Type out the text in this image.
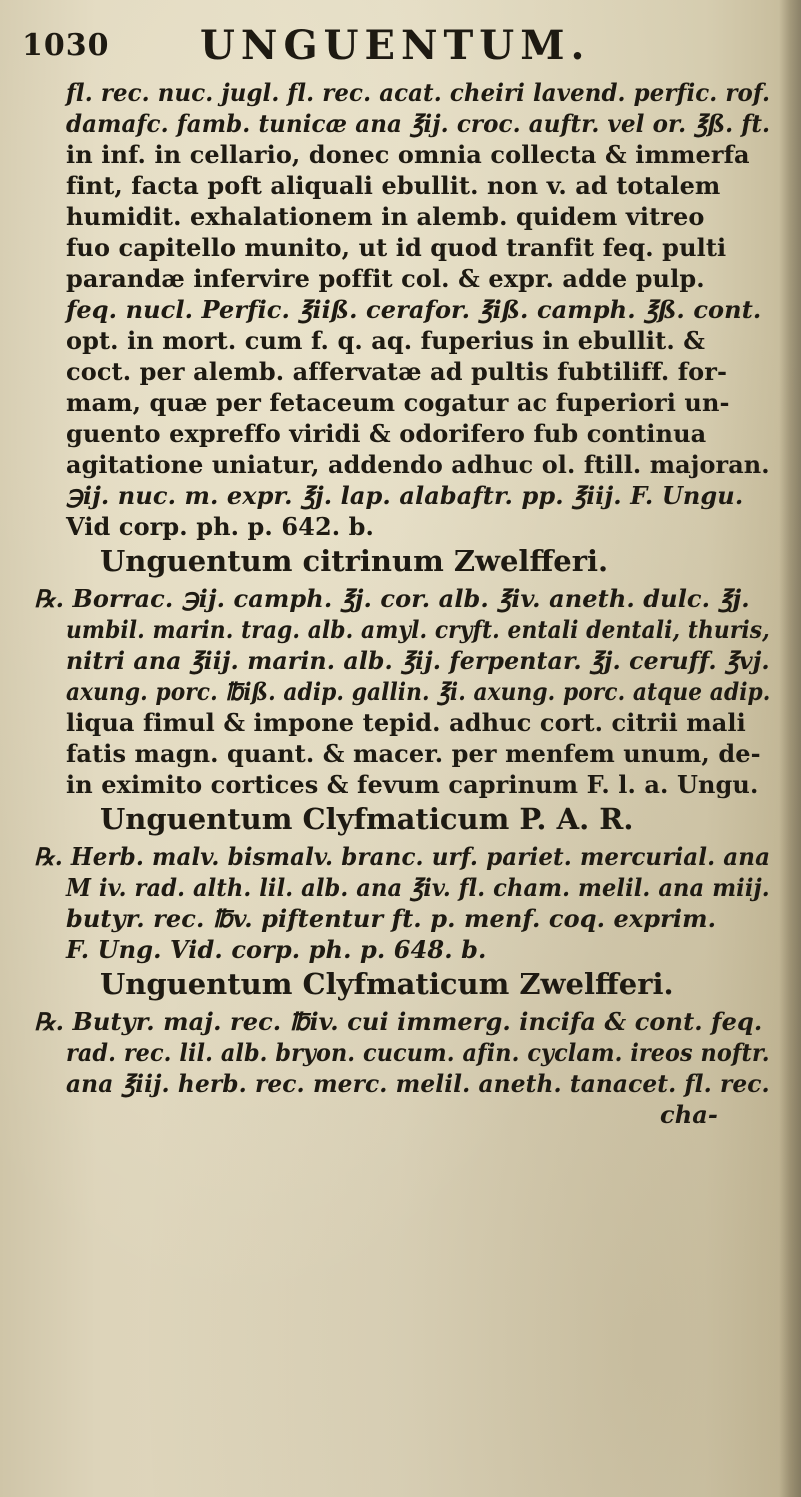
1030 UNGUENTUM.
fl. rec. nuc. jugl. fl. rec. acat. cheiri lavend. perfic. rof.
damafc. famb. tunicæ ana ℥ij. croc. auftr. vel or. ℥ß. ft.
in inf. in cellario, donec omnia collecta & immerfa
fint, facta poft aliquali ebullit. non v. ad totalem
humidit. exhalationem in alemb. quidem vitreo
fuo capitello munito, ut id quod tranfit feq. pulti
parandæ infervire poffit col. & expr. adde pulp.
feq. nucl. Perfic. ℥iiß. cerafor. ℥iß. camph. ℥ß. cont.
opt. in mort. cum f. q. aq. fuperius in ebullit. &
coct. per alemb. affervatæ ad pultis fubtiliff. for-
mam, quæ per fetaceum cogatur ac fuperiori un-
guento expreffo viridi & odorifero fub continua
agitatione uniatur, addendo adhuc ol. ftill. majoran.
℈ij. nuc. m. expr. ℥j. lap. alabaftr. pp. ℥iij. F. Ungu.
Vid corp. ph. p. 642. b.
Unguentum citrinum Zwelfferi.
℞. Borrac. ℈ij. camph. ℥j. cor. alb. ℥iv. aneth. dulc. ℥j.
umbil. marin. trag. alb. amyl. cryft. entali dentali, thuris,
nitri ana ℥iij. marin. alb. ℥ij. ferpentar. ℥j. ceruff. ℥vj.
axung. porc. ℔iß. adip. gallin. ℥i. axung. porc. atque adip.
liqua fimul & impone tepid. adhuc cort. citrii mali
fatis magn. quant. & macer. per menfem unum, de-
in eximito cortices & fevum caprinum F. l. a. Ungu.
Unguentum Clyfmaticum P. A. R.
℞. Herb. malv. bismalv. branc. urf. pariet. mercurial. ana
M iv. rad. alth. lil. alb. ana ℥iv. fl. cham. melil. ana miij.
butyr. rec. ℔v. piftentur ft. p. menf. coq. exprim.
F. Ung. Vid. corp. ph. p. 648. b.
Unguentum Clyfmaticum Zwelfferi.
℞. Butyr. maj. rec. ℔iv. cui immerg. incifa & cont. feq.
rad. rec. lil. alb. bryon. cucum. afin. cyclam. ireos noftr.
ana ℥iij. herb. rec. merc. melil. aneth. tanacet. fl. rec.
cha-
